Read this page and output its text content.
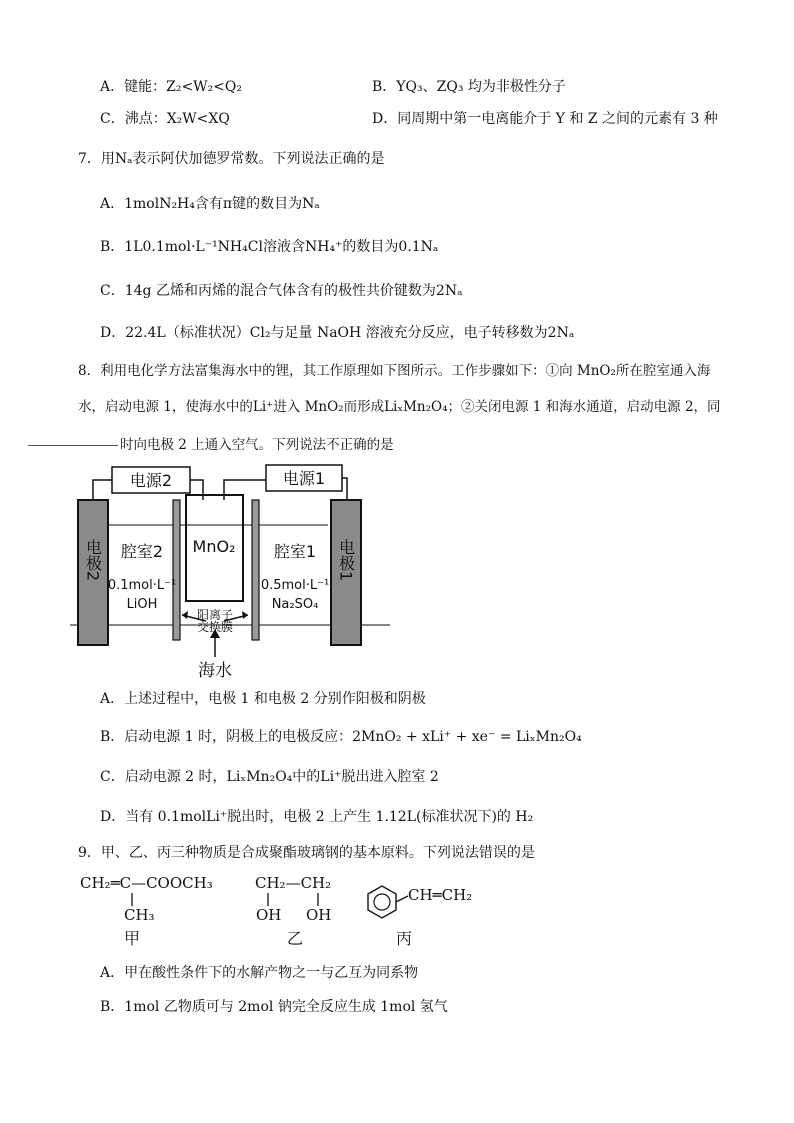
A．键能：Z₂<W₂<Q₂	B．YQ₃、ZQ₃ 均为非极性分子
C．沸点：X₂W<XQ	D．同周期中第一电离能介于 Y 和 Z 之间的元素有 3 种
7．用Nₐ表示阿伏加德罗常数。下列说法正确的是
A．1molN₂H₄含有π键的数目为Nₐ
B．1L0.1mol·L⁻¹NH₄Cl溶液含NH₄⁺的数目为0.1Nₐ
C．14g 乙烯和丙烯的混合气体含有的极性共价键数为2Nₐ
D．22.4L（标准状况）Cl₂与足量 NaOH 溶液充分反应，电子转移数为2Nₐ
8．利用电化学方法富集海水中的锂，其工作原理如下图所示。工作步骤如下：①向 MnO₂所在腔室通入海
水，启动电源 1，使海水中的Li⁺进入 MnO₂而形成LiₓMn₂O₄；②关闭电源 1 和海水通道，启动电源 2，同
时向电极 2 上通入空气。下列说法不正确的是
电源2	电源1
电极2	电极1
腔室2
0.1mol·L⁻¹
LiOH
MnO₂ 腔室1
0.5mol·L⁻¹
Na₂SO₄
阳离子
交换膜
海水
A．上述过程中，电极 1 和电极 2 分别作阳极和阴极
B．启动电源 1 时，阴极上的电极反应：2MnO₂ + xLi⁺ + xe⁻ = LiₓMn₂O₄
C．启动电源 2 时，LiₓMn₂O₄中的Li⁺脱出进入腔室 2
D．当有 0.1molLi⁺脱出时，电极 2 上产生 1.12L(标准状况下)的 H₂
9．甲、乙、丙三种物质是合成聚酯玻璃钢的基本原料。下列说法错误的是
CH₂═C—COOCH₃
CH₃
甲
CH₂—CH₂
OH OH
乙
CH═CH₂
丙
A．甲在酸性条件下的水解产物之一与乙互为同系物
B．1mol 乙物质可与 2mol 钠完全反应生成 1mol 氢气
